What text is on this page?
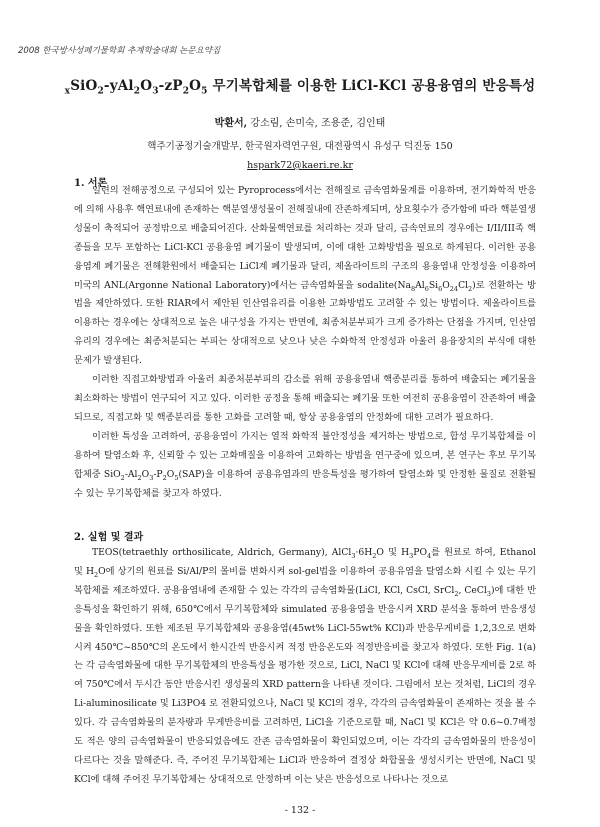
2008 한국방사성폐기물학회 추계학술대회 논문요약집
$_xSiO_2-yAl_2O_3-zP_2O_5$ 무기복합체를 이용한 LiCl-KCl 공용융염의 반응특성
박환서, 강소림, 손미숙, 조용준, 김인태
핵주기공정기술개발부, 한국원자력연구원, 대전광역시 유성구 덕진동 150
hspark72@kaeri.re.kr
1. 서론

일련의 전해공정으로 구성되어 있는 Pyroprocess에서는 전해질로 금속염화물계를 이용하며, 전기화학적 반응에 의해 사용후 핵연료내에 존재하는 핵분열생성물이 전해질내에 잔존하게되며, 상요횟수가 증가함에 따라 핵분열생성물이 축적되어 공정밖으로 배출되어진다. 산화물핵연료를 처리하는 것과 달리, 금속연료의 경우에는 I/II/III족 핵종들을 모두 포함하는 LiCl-KCl 공용융염 폐기물이 발생되며, 이에 대한 고화방법을 필요로 하게된다. 이러한 공용융염계 폐기물은 전해환원에서 배출되는 LiCl계 폐기물과 달리, 제올라이트의 구조의 용융염내 안정성을 이용하여 미국의 ANL(Argonne National Laboratory)에서는 금속염화물을 $sodalite(Na_8Al_6Si_6O_{24}Cl_2)$로 전환하는 방법을 제안하였다. 또한 RIAR에서 제안된 인산염유리를 이용한 고화방법도 고려할 수 있는 방법이다. 제올라이트를 이용하는 경우에는 상대적으로 높은 내구성을 가지는 반면에, 최종처분부피가 크게 증가하는 단점을 가지며, 인산염 유리의 경우에는 최종처분되는 부피는 상대적으로 낮으나 낮은 수화학적 안정성과 아울러 용융장치의 부식에 대한 문제가 발생된다.

이러한 직접고화방법과 아울러 최종처분부피의 감소를 위해 공용융염내 핵종분리를 통하여 배출되는 폐기물을 최소화하는 방법이 연구되어 지고 있다. 이러한 공정을 통해 배출되는 폐기물 또한 여전히 공용융염이 잔존하여 배출되므로, 직접고화 및 핵종분리를 통한 고화를 고려할 때, 항상 공용융염의 안정화에 대한 고려가 필요하다.

이러한 특성을 고려하여, 공용융염이 가지는 열적 화학적 불안정성을 제거하는 방법으로, 합성 무기복합체를 이용하여 탈염소화 후, 신뢰할 수 있는 고화매질을 이용하여 고화하는 방법을 연구중에 있으며, 본 연구는 후보 무기복합체중 $SiO_2-Al_2O_3-P_2O_5(SAP)$을 이용하여 공용유염과의 반응특성을 평가하여 탈염소화 및 안정한 물질로 전환될 수 있는 무기복합체를 찾고자 하였다.

2. 실험 및 결과

TEOS(tetraethly orthosilicate, Aldrich, Germany), $AlCl_3\cdot 6H_2O$ 및 $H_3PO_4$를 원료로 하여, Ethanol 및 $H_2O$에 상기의 원료를 Si/Al/P의 몰비를 변화시켜 sol-gel법을 이용하여 공용유염을 탈염소화 시킬 수 있는 무기복합체를 제조하였다. 공용융염내에 존재할 수 있는 각각의 금속염화물(LiCl, KCl, CsCl, SrCl$_2$, CeCl$_3$)에 대한 반응특성을 확인하기 위해, 650℃에서 무기복합체와 simulated 공용융염을 반응시켜 XRD 분석을 통하여 반응생성물을 확인하였다. 또한 제조된 무기복합체와 공용융염(45wt% LiCl-55wt% KCl)과 반응무게비를 1,2,3으로 변화시켜 450℃~850℃의 온도에서 한시간씩 반응시켜 적정 반응온도와 적정반응비를 찾고자 하였다. 또한 Fig. 1(a)는 각 금속염화물에 대한 무기복합체의 반응특성을 평가한 것으로, LiCl, NaCl 및 KCl에 대해 반응무게비를 2로 하여 750℃에서 두시간 동안 반응시킨 생성물의 XRD pattern을 나타낸 것이다. 그림에서 보는 것처럼, LiCl의 경우 Li-aluminosilicate 및 Li3PO4 로 전환되었으나, NaCl 및 KCl의 경우, 각각의 금속염화물이 존재하는 것을 볼 수 있다. 각 금속염화물의 분자량과 무게반응비를 고려하면, LiCl을 기준으로할 때, NaCl 및 KCl은 약 0.6~0.7배정도 적은 양의 금속염화물이 반응되었음에도 잔존 금속염화물이 확인되었으며, 이는 각각의 금속염화물의 반응성이 다르다는 것을 말해준다. 즉, 주어진 무기복합체는 LiCl과 반응하여 결정상 화합물을 생성시키는 반면에, NaCl 및 KCl에 대해 주어진 무기복합체는 상대적으로 안정하며 이는 낮은 반응성으로 나타나는 것으로

- 132 -
